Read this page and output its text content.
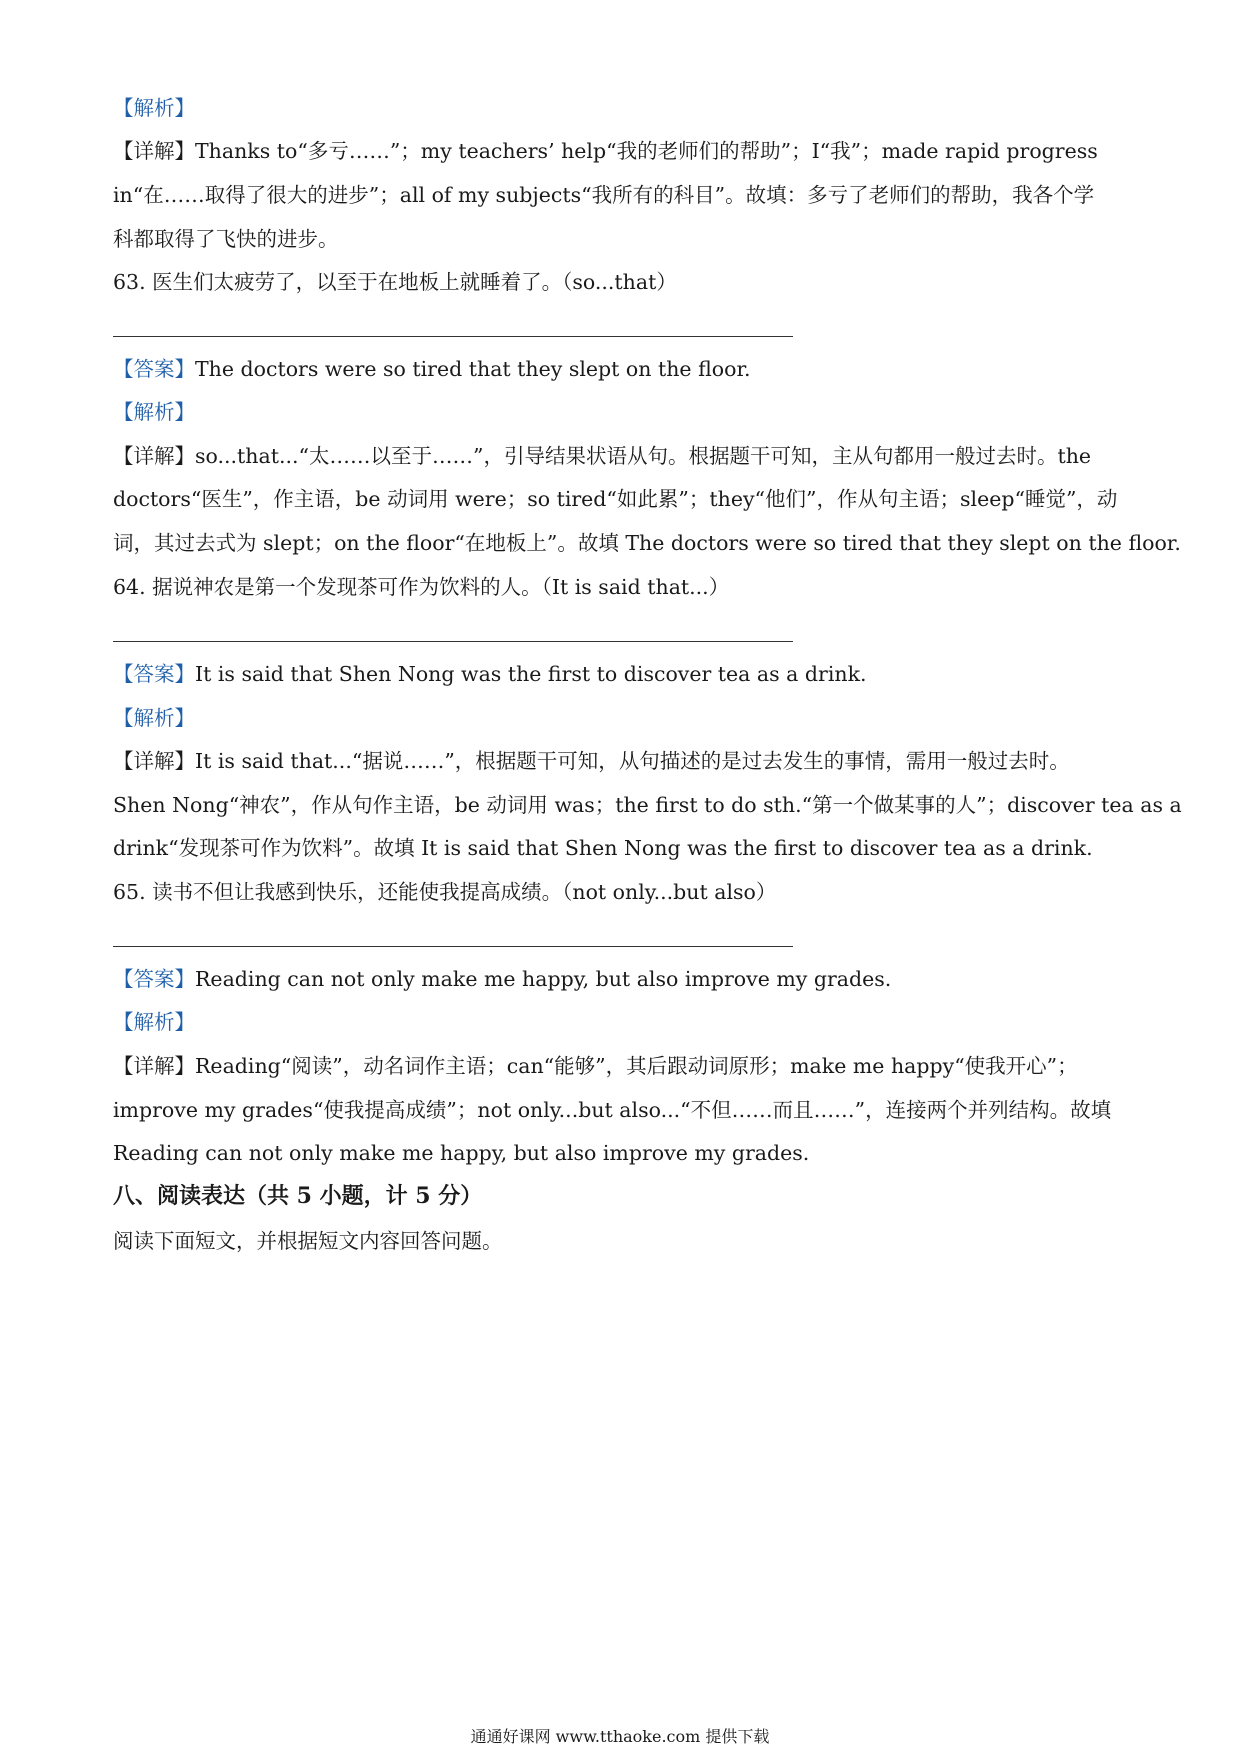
【解析】
【详解】Thanks to“多亏……”；my teachers’ help“我的老师们的帮助”；I“我”；made rapid progress
in“在……取得了很大的进步”；all of my subjects“我所有的科目”。故填：多亏了老师们的帮助，我各个学
科都取得了飞快的进步。
63. 医生们太疲劳了，以至于在地板上就睡着了。（so...that）
【答案】The doctors were so tired that they slept on the floor.
【解析】
【详解】so...that...“太……以至于……”，引导结果状语从句。根据题干可知，主从句都用一般过去时。the
doctors“医生”，作主语，be 动词用 were；so tired“如此累”；they“他们”，作从句主语；sleep“睡觉”，动
词，其过去式为 slept；on the floor“在地板上”。故填 The doctors were so tired that they slept on the floor.
64. 据说神农是第一个发现茶可作为饮料的人。（It is said that...）
【答案】It is said that Shen Nong was the first to discover tea as a drink.
【解析】
【详解】It is said that...“据说……”，根据题干可知，从句描述的是过去发生的事情，需用一般过去时。
Shen Nong“神农”，作从句作主语，be 动词用 was；the first to do sth.“第一个做某事的人”；discover tea as a
drink“发现茶可作为饮料”。故填 It is said that Shen Nong was the first to discover tea as a drink.
65. 读书不但让我感到快乐，还能使我提高成绩。（not only...but also）
【答案】Reading can not only make me happy, but also improve my grades.
【解析】
【详解】Reading“阅读”，动名词作主语；can“能够”，其后跟动词原形；make me happy“使我开心”；
improve my grades“使我提高成绩”；not only...but also...“不但……而且……”，连接两个并列结构。故填
Reading can not only make me happy, but also improve my grades.
八、阅读表达（共 5 小题，计 5 分）
阅读下面短文，并根据短文内容回答问题。
通通好课网 www.tthaoke.com 提供下载
